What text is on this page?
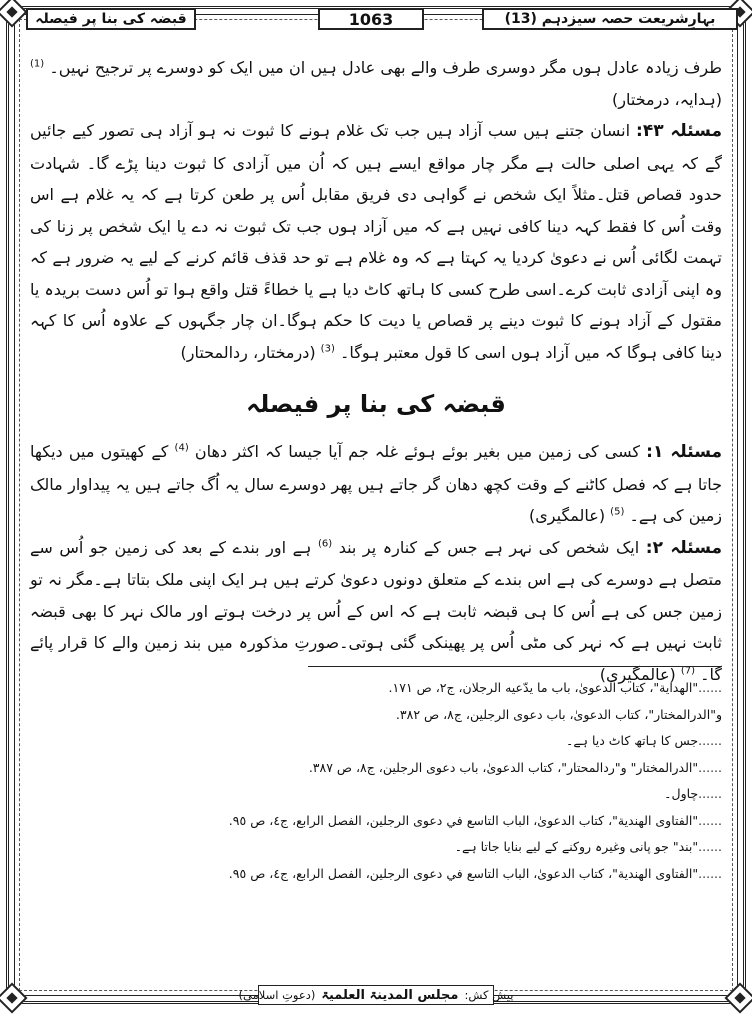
بہارِشریعت حصہ سیزدہم (13)
1063
قبضہ کی بنا پر فیصلہ

طرف زیادہ عادل ہوں مگر دوسری طرف والے بھی عادل ہیں ان میں ایک کو دوسرے پر ترجیح نہیں۔ $^{(1)}$ (ہدایہ، درمختار)

مسئلہ ۴۳: انسان جتنے ہیں سب آزاد ہیں جب تک غلام ہونے کا ثبوت نہ ہو آزاد ہی تصور کیے جائیں گے کہ یہی اصلی حالت ہے مگر چار مواقع ایسے ہیں کہ اُن میں آزادی کا ثبوت دینا پڑے گا۔ شہادت حدود قصاص قتل۔مثلاً ایک شخص نے گواہی دی فریق مقابل اُس پر طعن کرتا ہے کہ یہ غلام ہے اس وقت اُس کا فقط کہہ دینا کافی نہیں ہے کہ میں آزاد ہوں جب تک ثبوت نہ دے یا ایک شخص پر زنا کی تہمت لگائی اُس نے دعویٰ کردیا یہ کہتا ہے کہ وہ غلام ہے تو حد قذف قائم کرنے کے لیے یہ ضرور ہے کہ وہ اپنی آزادی ثابت کرے۔اسی طرح کسی کا ہاتھ کاٹ دیا ہے یا خطاءً قتل واقع ہوا تو اُس دست بریدہ یا مقتول کے آزاد ہونے کا ثبوت دینے پر قصاص یا دیت کا حکم ہوگا۔ان چار جگہوں کے علاوہ اُس کا کہہ دینا کافی ہوگا کہ میں آزاد ہوں اسی کا قول معتبر ہوگا۔ $^{(3)}$ (درمختار، ردالمحتار)

قبضہ کی بنا پر فیصلہ

مسئلہ ۱: کسی کی زمین میں بغیر بوئے ہوئے غلہ جم آیا جیسا کہ اکثر دھان $^{(4)}$ کے کھیتوں میں دیکھا جاتا ہے کہ فصل کاٹنے کے وقت کچھ دھان گر جاتے ہیں پھر دوسرے سال یہ اُگ جاتے ہیں یہ پیداوار مالک زمین کی ہے۔ $^{(5)}$ (عالمگیری)

مسئلہ ۲: ایک شخص کی نہر ہے جس کے کنارہ پر بند $^{(6)}$ ہے اور بندے کے بعد کی زمین جو اُس سے متصل ہے دوسرے کی ہے اس بندے کے متعلق دونوں دعویٰ کرتے ہیں ہر ایک اپنی ملک بتاتا ہے۔مگر نہ تو زمین جس کی ہے اُس کا ہی قبضہ ثابت ہے کہ اس کے اُس پر درخت ہوتے اور مالک نہر کا بھی قبضہ ثابت نہیں ہے کہ نہر کی مٹی اُس پر پھینکی گئی ہوتی۔صورتِ مذکورہ میں بند زمین والے کا قرار پائے گا۔ $^{(7)}$ (عالمگیری)

......"الهداية"، كتاب الدعوىٰ، باب ما يدّعيه الرجلان، ج٢، ص ١٧١.
و"الدرالمختار"، كتاب الدعوىٰ، باب دعوى الرجلين، ج٨، ص ٣٨٢.
......جس کا ہاتھ کاٹ دیا ہے۔
......"الدرالمختار" و"ردالمحتار"، كتاب الدعوىٰ، باب دعوى الرجلين، ج٨، ص ٣٨٧.
......چاول۔
......"الفتاوى الهندية"، كتاب الدعوىٰ، الباب التاسع في دعوى الرجلين، الفصل الرابع، ج٤، ص ٩٥.
......"بند" جو پانی وغیرہ روکنے کے لیے بنایا جاتا ہے۔
......"الفتاوى الهندية"، كتاب الدعوىٰ، الباب التاسع في دعوى الرجلين، الفصل الرابع، ج٤، ص ٩٥.
پیش کش:
مجلس المدینۃ العلمیۃ
(دعوتِ اسلامی)
